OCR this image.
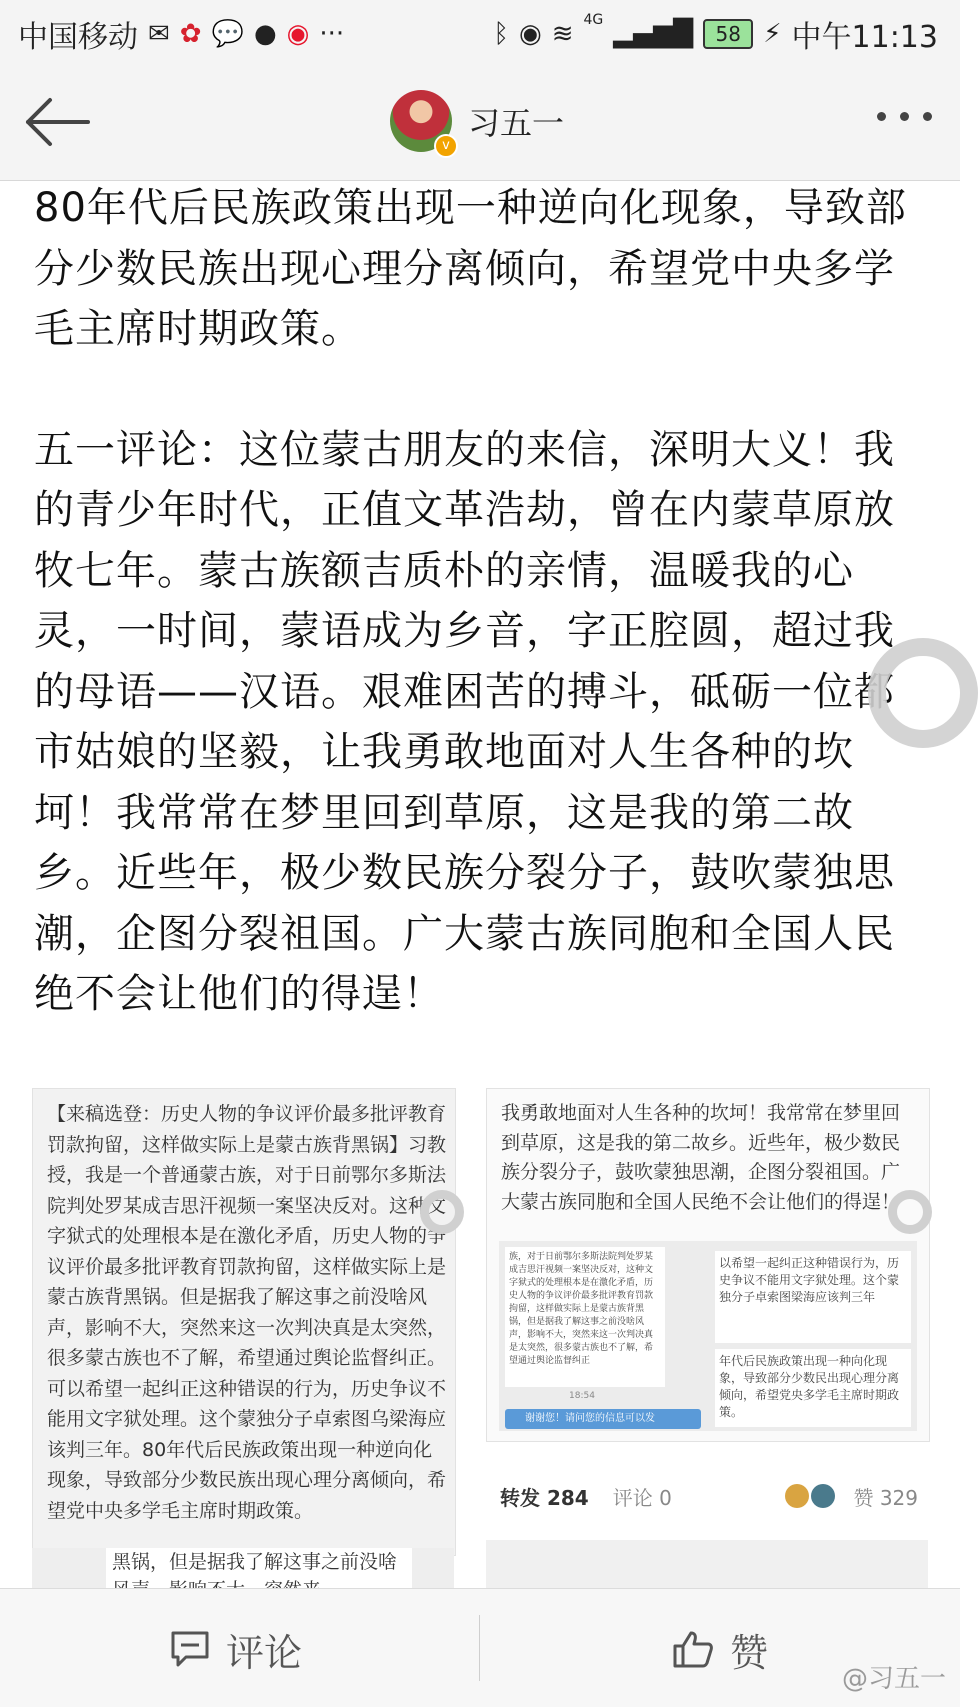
中国移动 ✉ ✿ 💬 ● ◉ ···	ᛒ ◉ ≋ 4G ▂▄▆█	58 ⚡ 中午11:13
v
习五一

80年代后民族政策出现一种逆向化现象，导致部分少数民族出现心理分离倾向，希望党中央多学毛主席时期政策。

五一评论：这位蒙古朋友的来信，深明大义！我的青少年时代，正值文革浩劫，曾在内蒙草原放牧七年。蒙古族额吉质朴的亲情，温暖我的心灵，一时间，蒙语成为乡音，字正腔圆，超过我的母语——汉语。艰难困苦的搏斗，砥砺一位都市姑娘的坚毅，让我勇敢地面对人生各种的坎坷！我常常在梦里回到草原，这是我的第二故乡。近些年，极少数民族分裂分子，鼓吹蒙独思潮，企图分裂祖国。广大蒙古族同胞和全国人民绝不会让他们的得逞！

【来稿选登：历史人物的争议评价最多批评教育罚款拘留，这样做实际上是蒙古族背黑锅】习教授，我是一个普通蒙古族，对于日前鄂尔多斯法院判处罗某成吉思汗视频一案坚决反对。这种文字狱式的处理根本是在激化矛盾，历史人物的争议评价最多批评教育罚款拘留，这样做实际上是蒙古族背黑锅。但是据我了解这事之前没啥风声，影响不大，突然来这一次判决真是太突然，很多蒙古族也不了解，希望通过舆论监督纠正。可以希望一起纠正这种错误的行为，历史争议不能用文字狱处理。这个蒙独分子卓索图乌梁海应该判三年。80年代后民族政策出现一种逆向化现象，导致部分少数民族出现心理分离倾向，希望党中央多学毛主席时期政策。
黑锅，但是据我了解这事之前没啥
我勇敢地面对人生各种的坎坷！我常常在梦里回到草原，这是我的第二故乡。近些年，极少数民族分裂分子，鼓吹蒙独思潮，企图分裂祖国。广大蒙古族同胞和全国人民绝不会让他们的得逞！
族，对于日前鄂尔多斯法院判处罗某成吉思汗视频一案坚决反对，这种文字狱式的处理根本是在激化矛盾，历史人物的争议评价最多批评教育罚款拘留，这样做实际上是蒙古族背黑锅，但是据我了解这事之前没啥风声，影响不大，突然来这一次判决真是太突然，很多蒙古族也不了解，希望通过舆论监督纠正
以希望一起纠正这种错误行为，历史争议不能用文字狱处理。这个蒙独分子卓索图梁海应该判三年
年代后民族政策出现一种向化现象，导致部分少数民出现心理分离倾向，希望党央多学毛主席时期政策。
18:54
谢谢您！请问您的信息可以发
转发 284 评论 0	赞 329
评论	赞
@习五一
